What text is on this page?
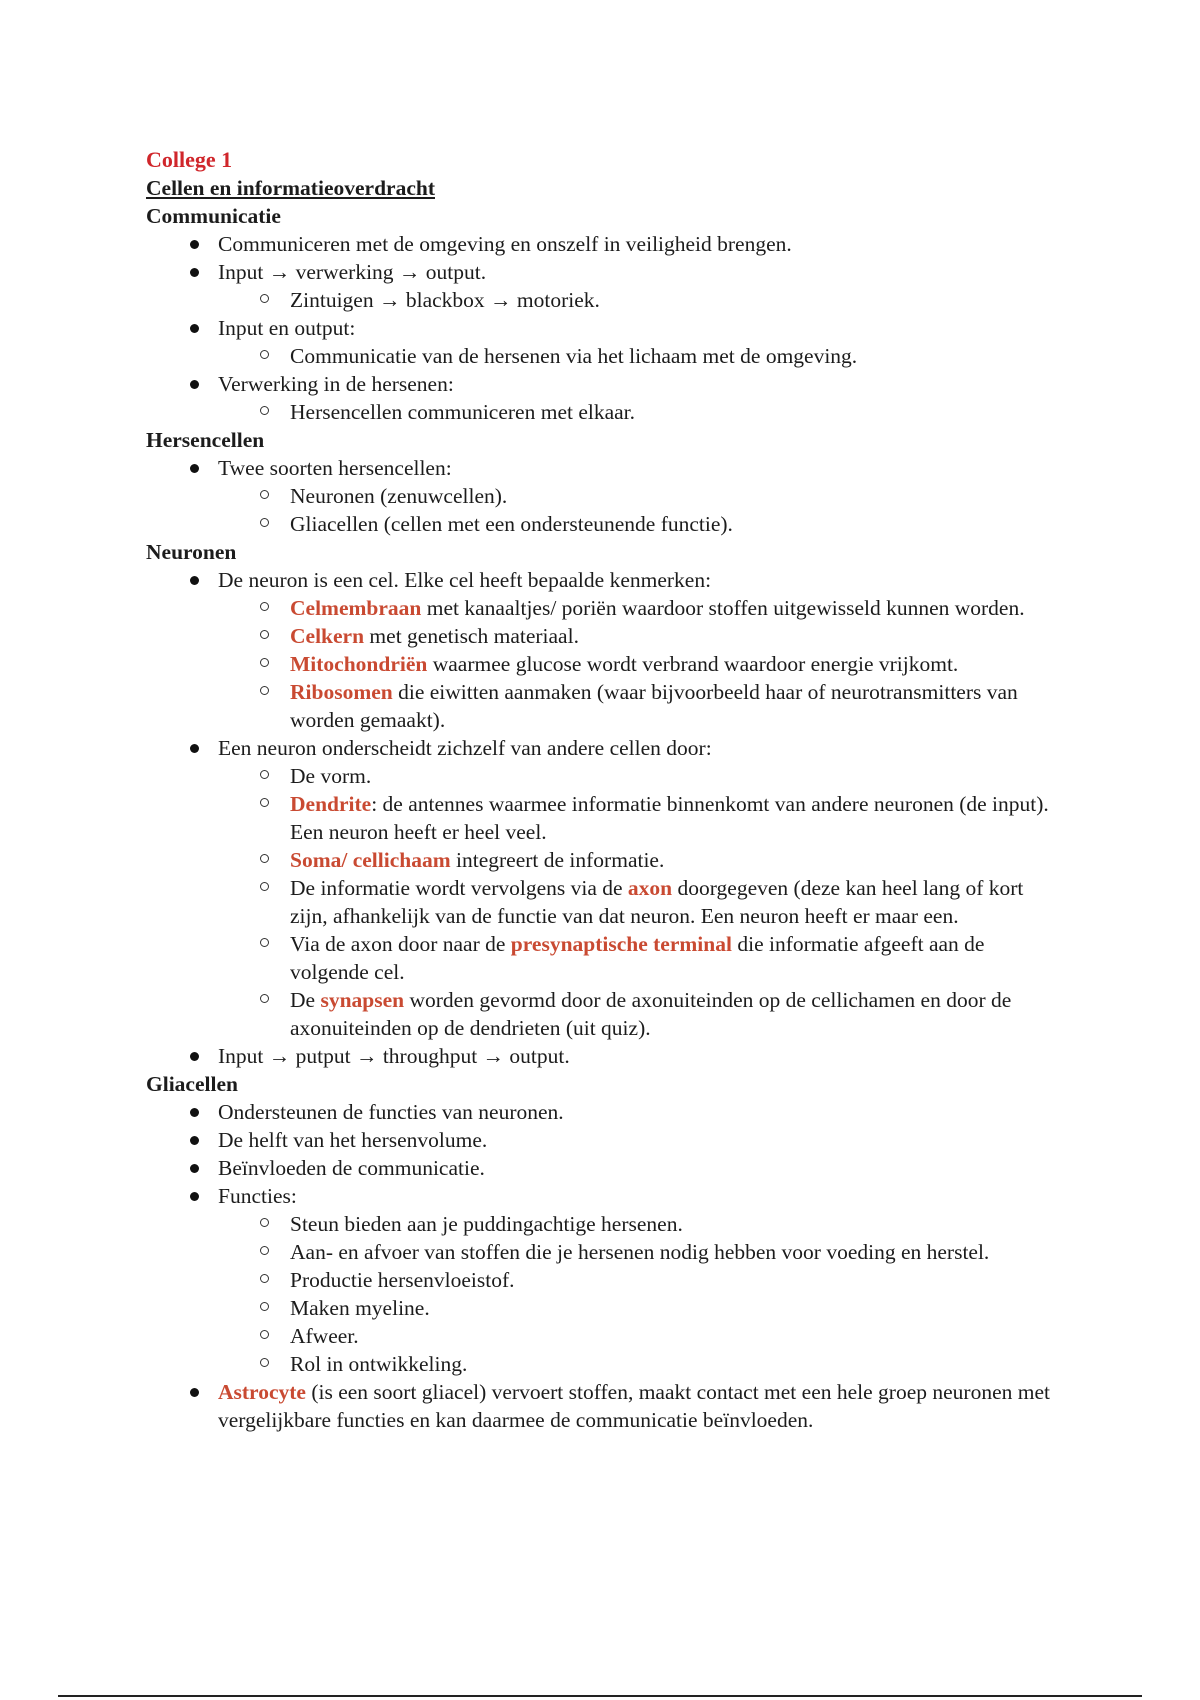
College 1
Cellen en informatieoverdracht
Communicatie
Communiceren met de omgeving en onszelf in veiligheid brengen.
Input → verwerking → output.
Zintuigen → blackbox → motoriek.
Input en output:
Communicatie van de hersenen via het lichaam met de omgeving.
Verwerking in de hersenen:
Hersencellen communiceren met elkaar.
Hersencellen
Twee soorten hersencellen:
Neuronen (zenuwcellen).
Gliacellen (cellen met een ondersteunende functie).
Neuronen
De neuron is een cel. Elke cel heeft bepaalde kenmerken:
Celmembraan met kanaaltjes/ poriën waardoor stoffen uitgewisseld kunnen worden.
Celkern met genetisch materiaal.
Mitochondriën waarmee glucose wordt verbrand waardoor energie vrijkomt.
Ribosomen die eiwitten aanmaken (waar bijvoorbeeld haar of neurotransmitters van worden gemaakt).
Een neuron onderscheidt zichzelf van andere cellen door:
De vorm.
Dendrite: de antennes waarmee informatie binnenkomt van andere neuronen (de input). Een neuron heeft er heel veel.
Soma/ cellichaam integreert de informatie.
De informatie wordt vervolgens via de axon doorgegeven (deze kan heel lang of kort zijn, afhankelijk van de functie van dat neuron. Een neuron heeft er maar een.
Via de axon door naar de presynaptische terminal die informatie afgeeft aan de volgende cel.
De synapsen worden gevormd door de axonuiteinden op de cellichamen en door de axonuiteinden op de dendrieten (uit quiz).
Input → putput → throughput → output.
Gliacellen
Ondersteunen de functies van neuronen.
De helft van het hersenvolume.
Beïnvloeden de communicatie.
Functies:
Steun bieden aan je puddingachtige hersenen.
Aan- en afvoer van stoffen die je hersenen nodig hebben voor voeding en herstel.
Productie hersenvloeistof.
Maken myeline.
Afweer.
Rol in ontwikkeling.
Astrocyte (is een soort gliacel) vervoert stoffen, maakt contact met een hele groep neuronen met vergelijkbare functies en kan daarmee de communicatie beïnvloeden.
